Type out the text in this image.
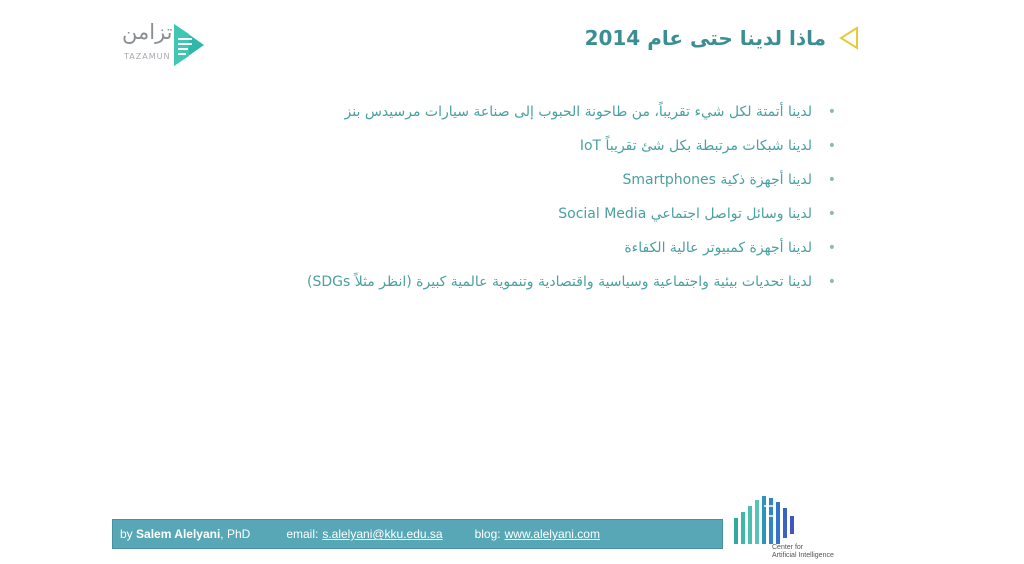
تزامن
TAZAMUN
ماذا لدينا حتى عام 2014
• لدينا أتمتة لكل شيء تقريباً، من طاحونة الحبوب إلى صناعة سيارات مرسيدس بنز
• لدينا شبكات مرتبطة بكل شئ تقريباً IoT
• لدينا أجهزة ذكية Smartphones
• لدينا وسائل تواصل اجتماعي Social Media
• لدينا أجهزة كمبيوتر عالية الكفاءة
• لدينا تحديات بيئية واجتماعية وسياسية واقتصادية وتنموية عالمية كبيرة (انظر مثلاً SDGs)
by Salem Alelyani, PhD	email: s.alelyani@kku.edu.sa	blog: www.alelyani.com
Center for
Artificial Intelligence
